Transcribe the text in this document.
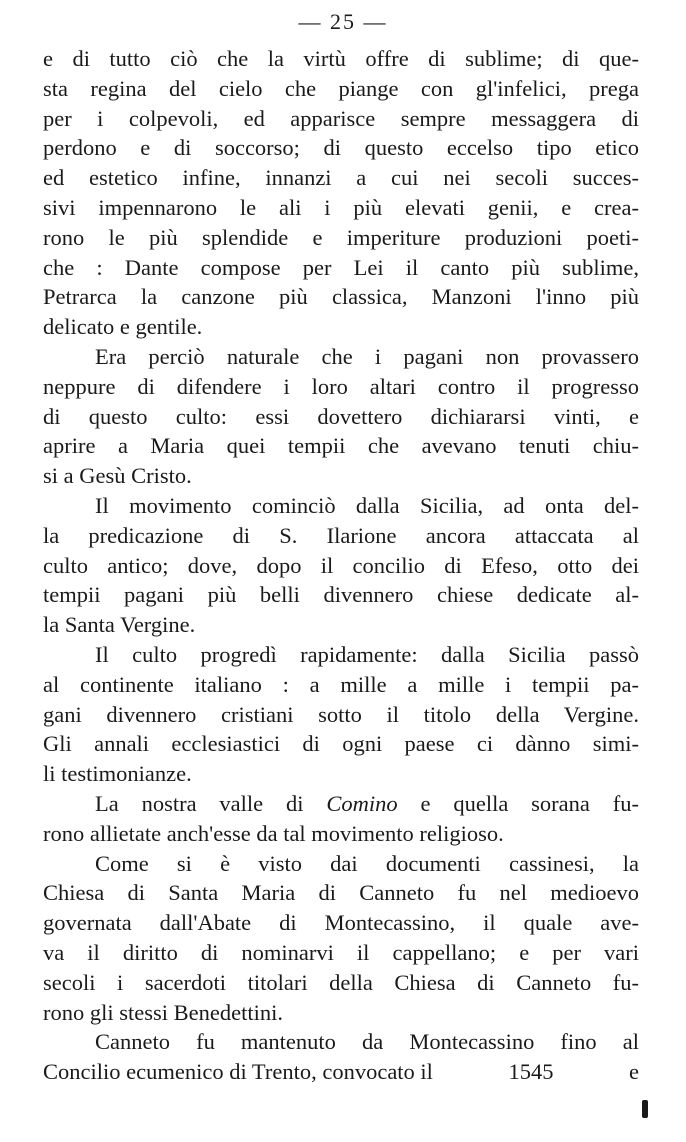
— 25 —
e di tutto ciò che la virtù offre di sublime; di que-
sta regina del cielo che piange con gl'infelici, prega
per i colpevoli, ed apparisce sempre messaggera di
perdono e di soccorso; di questo eccelso tipo etico
ed estetico infine, innanzi a cui nei secoli succes-
sivi impennarono le ali i più elevati genii, e crea-
rono le più splendide e imperiture produzioni poeti-
che : Dante compose per Lei il canto più sublime,
Petrarca la canzone più classica, Manzoni l'inno più
delicato e gentile.
Era perciò naturale che i pagani non provassero
neppure di difendere i loro altari contro il progresso
di questo culto: essi dovettero dichiararsi vinti, e
aprire a Maria quei tempii che avevano tenuti chiu-
si a Gesù Cristo.
Il movimento cominciò dalla Sicilia, ad onta del-
la predicazione di S. Ilarione ancora attaccata al
culto antico; dove, dopo il concilio di Efeso, otto dei
tempii pagani più belli divennero chiese dedicate al-
la Santa Vergine.
Il culto progredì rapidamente: dalla Sicilia passò
al continente italiano : a mille a mille i tempii pa-
gani divennero cristiani sotto il titolo della Vergine.
Gli annali ecclesiastici di ogni paese ci dànno simi-
li testimonianze.
La nostra valle di Comino e quella sorana fu-
rono allietate anch'esse da tal movimento religioso.
Come si è visto dai documenti cassinesi, la
Chiesa di Santa Maria di Canneto fu nel medioevo
governata dall'Abate di Montecassino, il quale ave-
va il diritto di nominarvi il cappellano; e per vari
secoli i sacerdoti titolari della Chiesa di Canneto fu-
rono gli stessi Benedettini.
Canneto fu mantenuto da Montecassino fino al
Concilio ecumenico di Trento, convocato il	1545 e
